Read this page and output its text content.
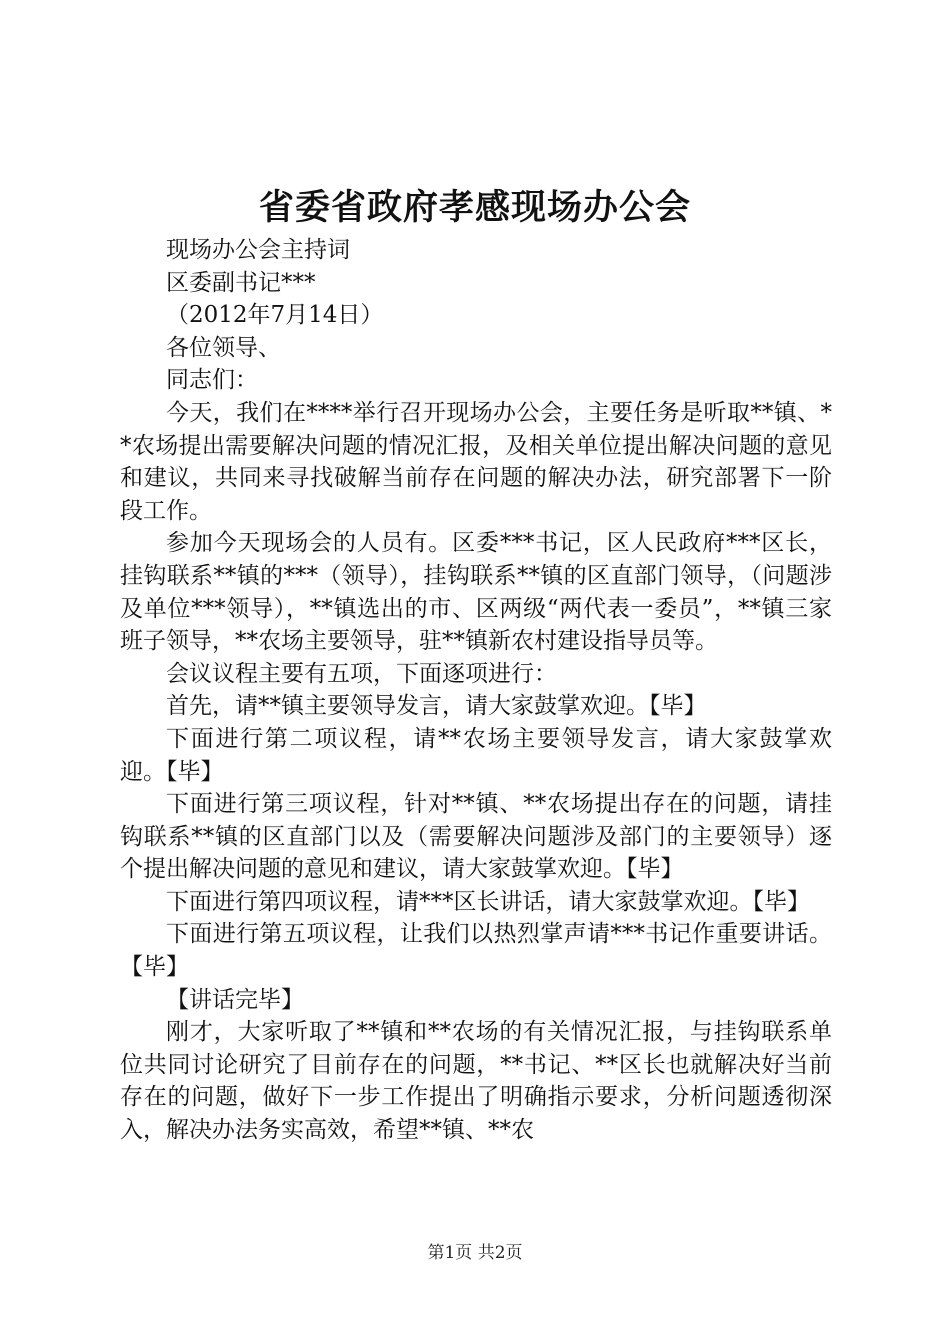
省委省政府孝感现场办公会

现场办公会主持词

区委副书记***

（2012年7月14日）

各位领导、

同志们：

今天，我们在****举行召开现场办公会，主要任务是听取**镇、**农场提出需要解决问题的情况汇报，及相关单位提出解决问题的意见和建议，共同来寻找破解当前存在问题的解决办法，研究部署下一阶段工作。

参加今天现场会的人员有。区委***书记，区人民政府***区长，挂钩联系**镇的***（领导），挂钩联系**镇的区直部门领导，（问题涉及单位***领导），**镇选出的市、区两级“两代表一委员”，**镇三家班子领导，**农场主要领导，驻**镇新农村建设指导员等。

会议议程主要有五项，下面逐项进行：

首先，请**镇主要领导发言，请大家鼓掌欢迎。【毕】

下面进行第二项议程，请**农场主要领导发言，请大家鼓掌欢迎。【毕】

下面进行第三项议程，针对**镇、**农场提出存在的问题，请挂钩联系**镇的区直部门以及（需要解决问题涉及部门的主要领导）逐个提出解决问题的意见和建议，请大家鼓掌欢迎。【毕】

下面进行第四项议程，请***区长讲话，请大家鼓掌欢迎。【毕】

下面进行第五项议程，让我们以热烈掌声请***书记作重要讲话。【毕】

【讲话完毕】

刚才，大家听取了**镇和**农场的有关情况汇报，与挂钩联系单位共同讨论研究了目前存在的问题，**书记、**区长也就解决好当前存在的问题，做好下一步工作提出了明确指示要求，分析问题透彻深入，解决办法务实高效，希望**镇、**农

第1页 共2页
